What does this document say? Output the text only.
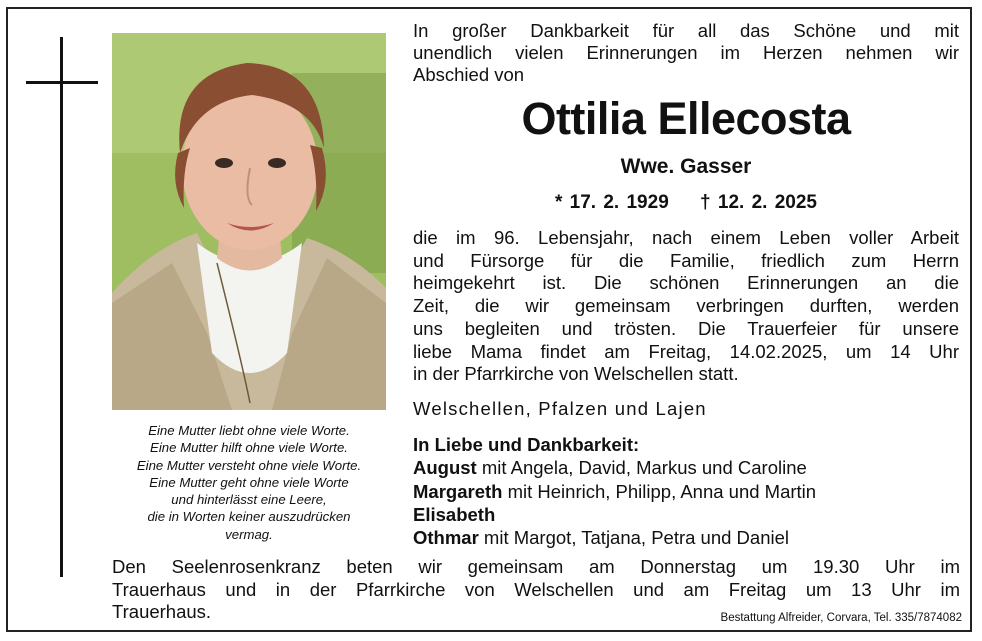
Eine Mutter liebt ohne viele Worte.
Eine Mutter hilft ohne viele Worte.
Eine Mutter versteht ohne viele Worte.
Eine Mutter geht ohne viele Worte
und hinterlässt eine Leere,
die in Worten keiner auszudrücken
vermag.
In großer Dankbarkeit für all das Schöne und mit
unendlich vielen Erinnerungen im Herzen nehmen wir
Abschied von
Ottilia Ellecosta
Wwe. Gasser
* 17. 2. 1929 † 12. 2. 2025
die im 96. Lebensjahr, nach einem Leben voller Arbeit
und Fürsorge für die Familie, friedlich zum Herrn
heimgekehrt ist. Die schönen Erinnerungen an die
Zeit, die wir gemeinsam verbringen durften, werden
uns begleiten und trösten. Die Trauerfeier für unsere
liebe Mama findet am Freitag, 14.02.2025, um 14 Uhr
in der Pfarrkirche von Welschellen statt.
Welschellen, Pfalzen und Lajen
In Liebe und Dankbarkeit:
August mit Angela, David, Markus und Caroline
Margareth mit Heinrich, Philipp, Anna und Martin
Elisabeth
Othmar mit Margot, Tatjana, Petra und Daniel
Den Seelenrosenkranz beten wir gemeinsam am Donnerstag um 19.30 Uhr im
Trauerhaus und in der Pfarrkirche von Welschellen und am Freitag um 13 Uhr im
Trauerhaus.	Bestattung Alfreider, Corvara, Tel. 335/7874082
